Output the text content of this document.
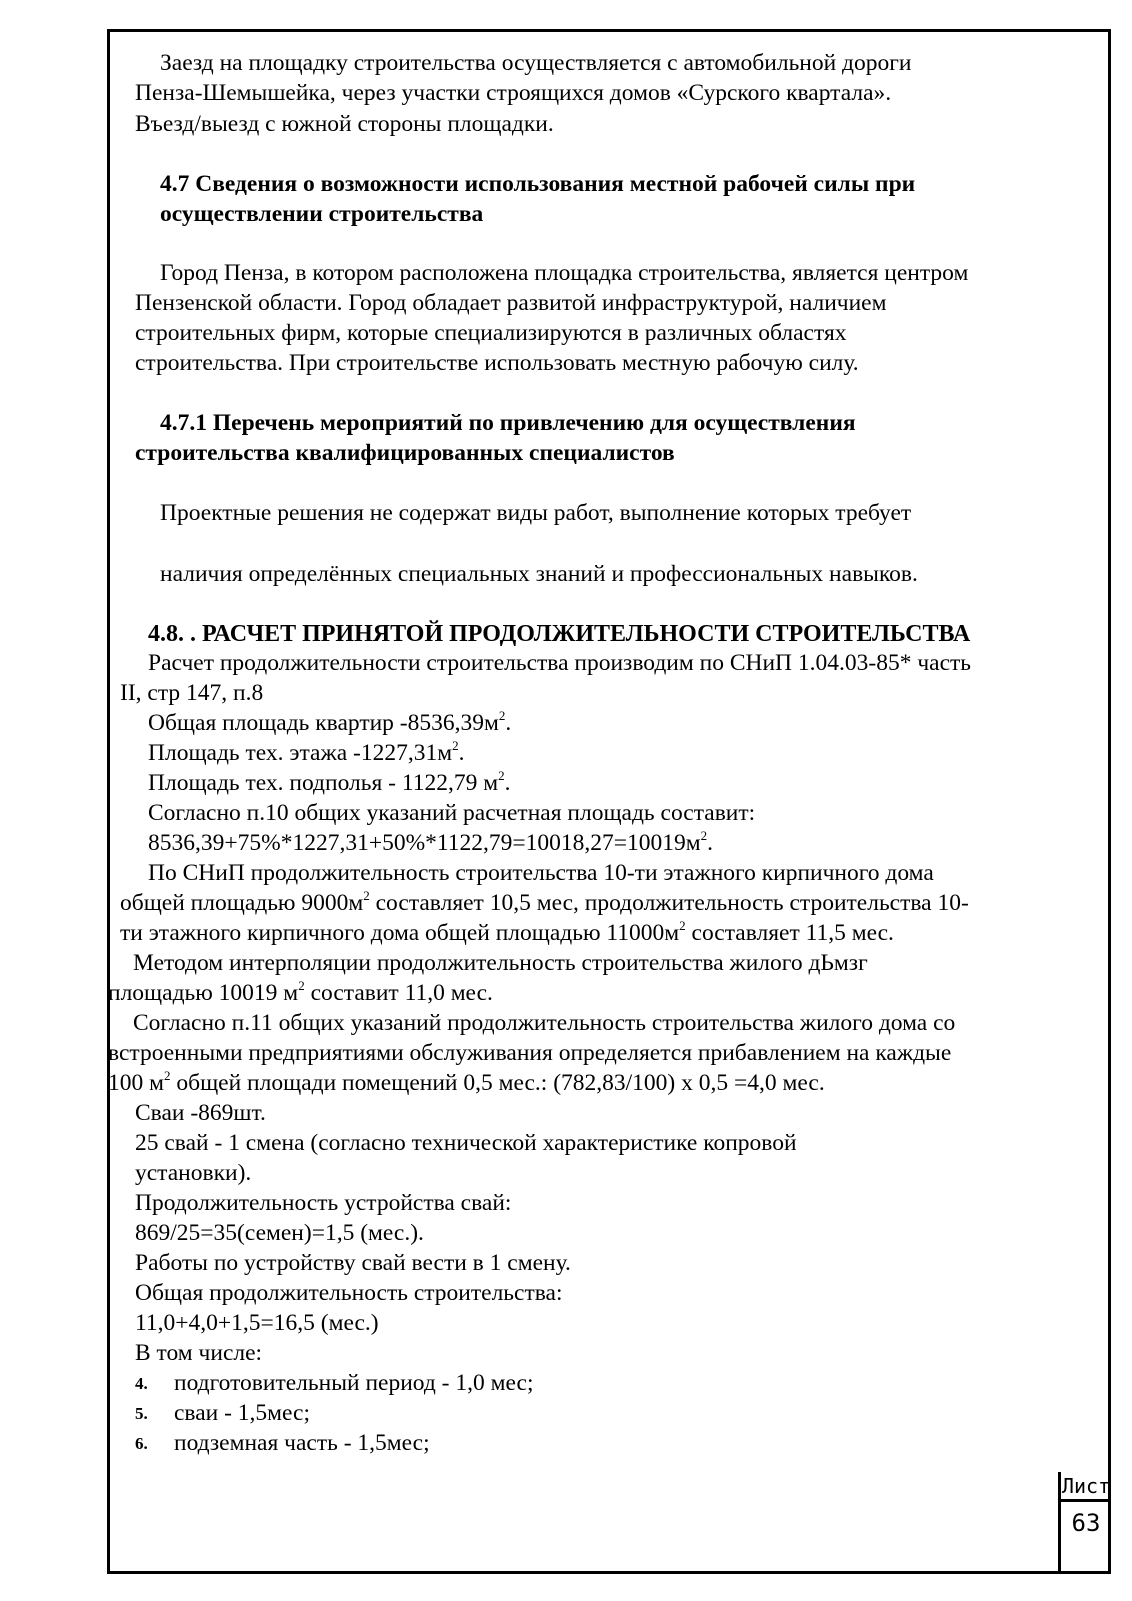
Заезд на площадку строительства осуществляется с автомобильной дороги
Пенза-Шемышейка, через участки строящихся домов «Сурского квартала».
Въезд/выезд с южной стороны площадки.
4.7 Сведения о возможности использования местной рабочей силы при
осуществлении строительства
Город Пенза, в котором расположена площадка строительства, является центром
Пензенской области. Город обладает развитой инфраструктурой, наличием
строительных фирм, которые специализируются в различных областях
строительства. При строительстве использовать местную рабочую силу.
4.7.1 Перечень мероприятий по привлечению для осуществления
строительства квалифицированных специалистов
Проектные решения не содержат виды работ, выполнение которых требует
наличия определённых специальных знаний и профессиональных навыков.
4.8. . РАСЧЕТ ПРИНЯТОЙ ПРОДОЛЖИТЕЛЬНОСТИ СТРОИТЕЛЬСТВА
Расчет продолжительности строительства производим по СНиП 1.04.03-85* часть
II, стр 147, п.8
Общая площадь квартир $-8536,39м^2$.
Площадь тех. этажа $-1227,31м^2$.
Площадь тех. подполья - 1122,79 $м^2$.
Согласно п.10 общих указаний расчетная площадь составит:
$8536,39+75\%*1227,31+50\%*1122,79=10018,27=10019м^2$.
По СНиП продолжительность строительства 10-ти этажного кирпичного дома
общей площадью $9000м^2$ составляет 10,5 мес, продолжительность строительства 10-
ти этажного кирпичного дома общей площадью $11000м^2$ составляет 11,5 мес.
Методом интерполяции продолжительность строительства жилого дЬмзг
площадью 10019 $м^2$ составит 11,0 мес.
Согласно п.11 общих указаний продолжительность строительства жилого дома со
встроенными предприятиями обслуживания определяется прибавлением на каждые
100 $м^2$ общей площади помещений 0,5 мес.: (782,83/100) х 0,5 =4,0 мес.
Сваи -869шт.
25 свай - 1 смена (согласно технической характеристике копровой
установки).
Продолжительность устройства свай:
869/25=35(семен)=1,5 (мес.).
Работы по устройству свай вести в 1 смену.
Общая продолжительность строительства:
11,0+4,0+1,5=16,5 (мес.)
В том числе:
4. подготовительный период - 1,0 мес;
5. сваи - 1,5мес;
6. подземная часть - 1,5мес;
Лист
63
